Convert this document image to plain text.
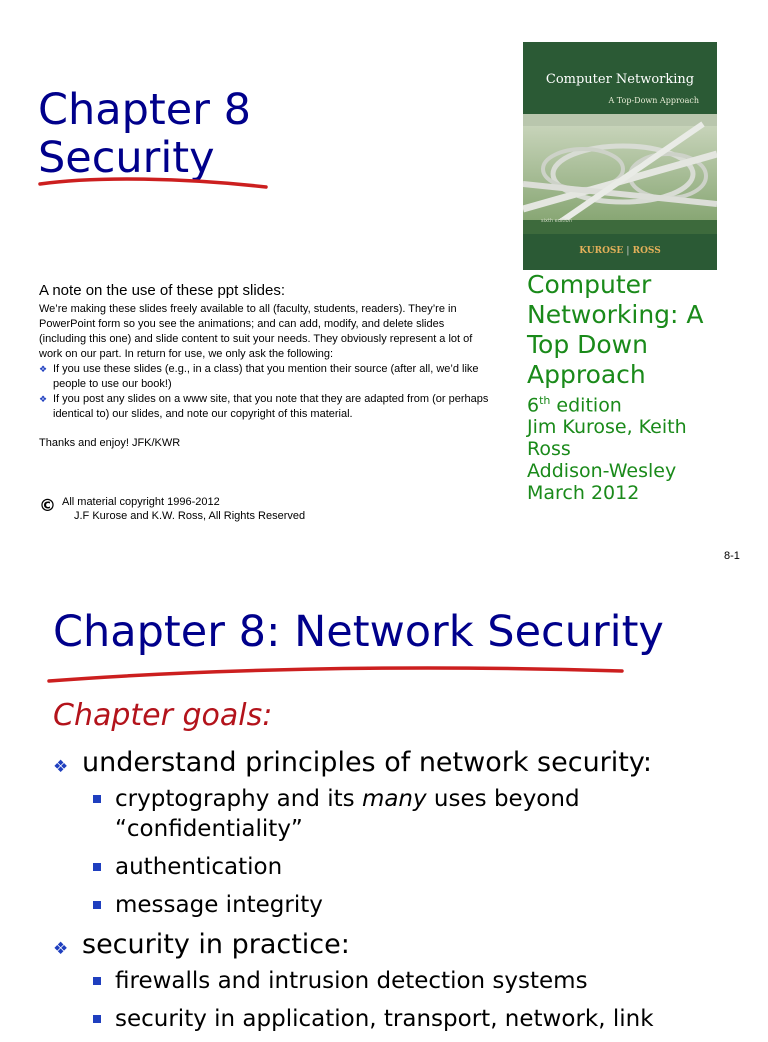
Chapter 8
Security

Computer Networking

A Top-Down Approach

sixth edition

KUROSE | ROSS

Computer
Networking: A
Top Down
Approach
6th edition
Jim Kurose, Keith
Ross
Addison-Wesley
March 2012
A note on the use of these ppt slides:

We’re making these slides freely available to all (faculty, students, readers). They’re in PowerPoint form so you see the animations; and can add, modify, and delete slides (including this one) and slide content to suit your needs. They obviously represent a lot of work on our part. In return for use, we only ask the following:

❖ If you use these slides (e.g., in a class) that you mention their source (after all, we’d like people to use our book!)
❖ If you post any slides on a www site, that you note that they are adapted from (or perhaps identical to) our slides, and note our copyright of this material.

Thanks and enjoy! JFK/KWR

© All material copyright 1996-2012
J.F Kurose and K.W. Ross, All Rights Reserved

8-1
Chapter 8: Network Security

Chapter goals:

❖ understand principles of network security:
cryptography and its many uses beyond “confidentiality”
authentication
message integrity
❖ security in practice:
firewalls and intrusion detection systems
security in application, transport, network, link
